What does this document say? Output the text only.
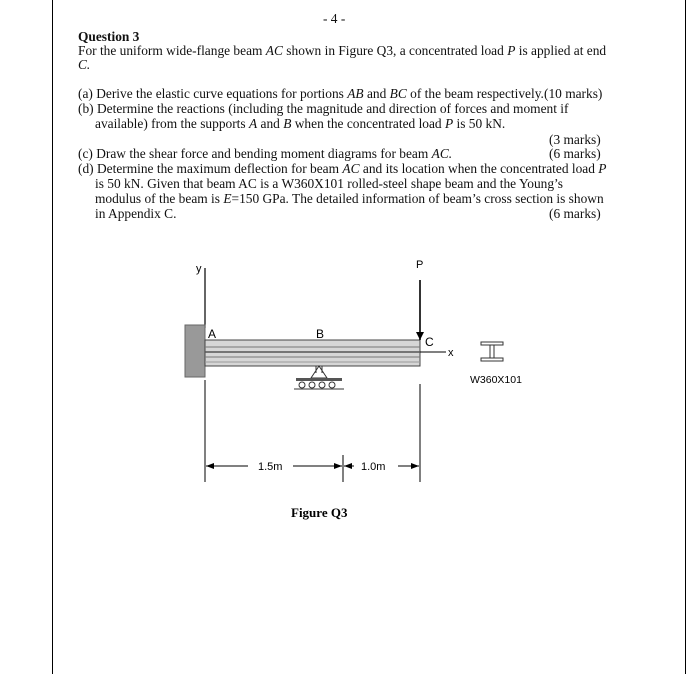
- 4 -
Question 3
For the uniform wide-flange beam AC shown in Figure Q3, a concentrated load P is applied at end
C.
(a) Derive the elastic curve equations for portions AB and BC of the beam respectively. (10 marks)
(b) Determine the reactions (including the magnitude and direction of forces and moment if
available) from the supports A and B when the concentrated load P is 50 kN.
(3 marks)
(c) Draw the shear force and bending moment diagrams for beam AC.	(6 marks)
(d) Determine the maximum deflection for beam AC and its location when the concentrated load P
is 50 kN. Given that beam AC is a W360X101 rolled-steel shape beam and the Young’s
modulus of the beam is E=150 GPa. The detailed information of beam’s cross section is shown
in Appendix C.	(6 marks)
y
A	B
C
x
P
1.5m	1.0m
W360X101
Figure Q3
